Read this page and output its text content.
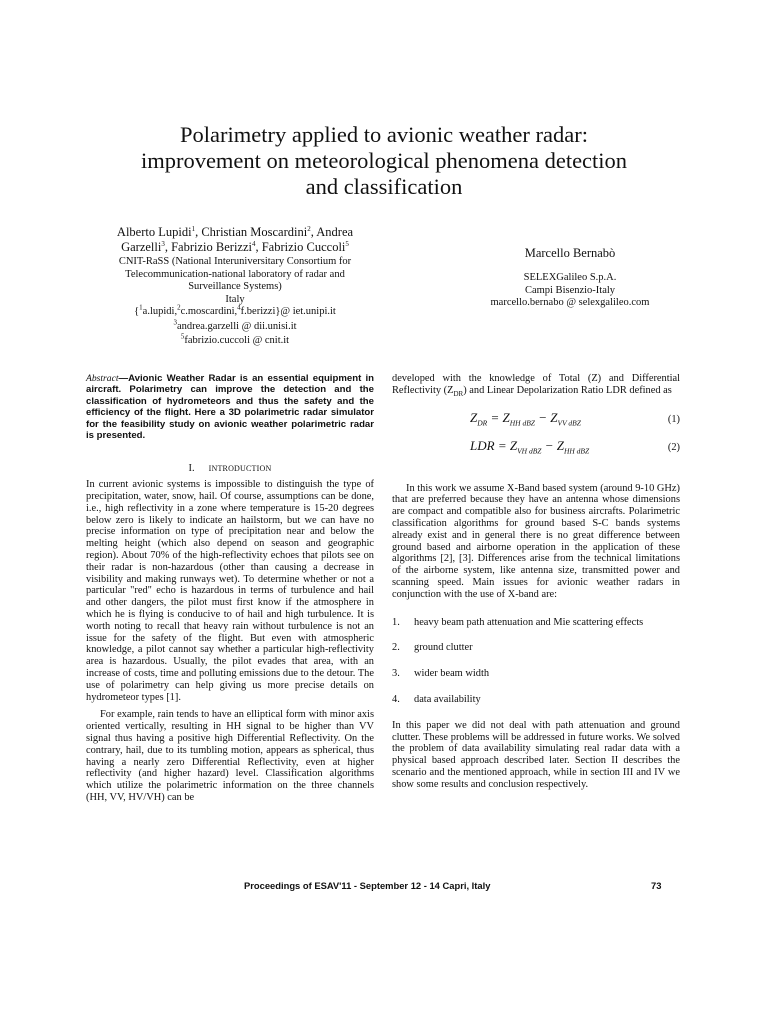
Polarimetry applied to avionic weather radar:
improvement on meteorological phenomena detection
and classification
Alberto Lupidi$^1$, Christian Moscardini$^2$, Andrea
Garzelli$^3$, Fabrizio Berizzi$^4$, Fabrizio Cuccoli$^5$
CNIT-RaSS (National Interuniversitary Consortium for
Telecommunication-national laboratory of radar and
Surveillance Systems)
Italy
{$^1$a.lupidi,$^2$c.moscardini,$^4$f.berizzi}@ iet.unipi.it
$^3$andrea.garzelli @ dii.unisi.it
$^5$fabrizio.cuccoli @ cnit.it
Marcello Bernabò
SELEXGalileo S.p.A.
Campi Bisenzio-Italy
marcello.bernabo @ selexgalileo.com

Abstract—Avionic Weather Radar is an essential equipment in aircraft. Polarimetry can improve the detection and the classification of hydrometeors and thus the safety and the efficiency of the flight. Here a 3D polarimetric radar simulator for the feasibility study on avionic weather polarimetric radar is presented.

I. INTRODUCTION

In current avionic systems is impossible to distinguish the type of precipitation, water, snow, hail. Of course, assumptions can be done, i.e., high reflectivity in a zone where temperature is 15-20 degrees below zero is likely to indicate an hailstorm, but we can have no precise information on type of precipitation near and below the melting height (which also depend on season and geographic region). About 70% of the high-reflectivity echoes that pilots see on their radar is non-hazardous (other than causing a decrease in visibility and making runways wet). To determine whether or not a particular "red" echo is hazardous in terms of turbulence and hail and other dangers, the pilot must first know if the atmosphere in which he is flying is conducive to of hail and high turbulence. It is worth noting to recall that heavy rain without turbulence is not an issue for the safety of the flight. But even with atmospheric knowledge, a pilot cannot say whether a particular high-reflectivity area is hazardous. Usually, the pilot evades that area, with an increase of costs, time and polluting emissions due to the detour. The use of polarimetry can help giving us more precise details on hydrometeor types [1].

For example, rain tends to have an elliptical form with minor axis oriented vertically, resulting in HH signal to be higher than VV signal thus having a positive high Differential Reflectivity. On the contrary, hail, due to its tumbling motion, appears as spherical, thus having a nearly zero Differential Reflectivity, even at higher reflectivity (and higher hazard) level. Classification algorithms which utilize the polarimetric information on the three channels (HH, VV, HV/VH) can be

developed with the knowledge of Total (Z) and Differential Reflectivity $(Z_{DR})$ and Linear Depolarization Ratio LDR defined as

$Z_{DR} = Z_{HH dBZ} - Z_{VV dBZ}$	(1)
LDR = $Z_{VH dBZ} - Z_{HH dBZ}$	(2)

In this work we assume X-Band based system (around 9-10 GHz) that are preferred because they have an antenna whose dimensions are compact and compatible also for business aircrafts. Polarimetric classification algorithms for ground based S-C bands systems already exist and in general there is no great difference between ground based and airborne operation in the application of these algorithms [2], [3]. Differences arise from the technical limitations of the airborne system, like antenna size, transmitted power and scanning speed. Main issues for avionic weather radars in conjunction with the use of X-band are:

1. heavy beam path attenuation and Mie scattering effects

2. ground clutter

3. wider beam width

4. data availability

In this paper we did not deal with path attenuation and ground clutter. These problems will be addressed in future works. We solved the problem of data availability simulating real radar data with a physical based approach described later. Section II describes the scenario and the mentioned approach, while in section III and IV we show some results and conclusion respectively.

Proceedings of ESAV'11 - September 12 - 14 Capri, Italy	73
